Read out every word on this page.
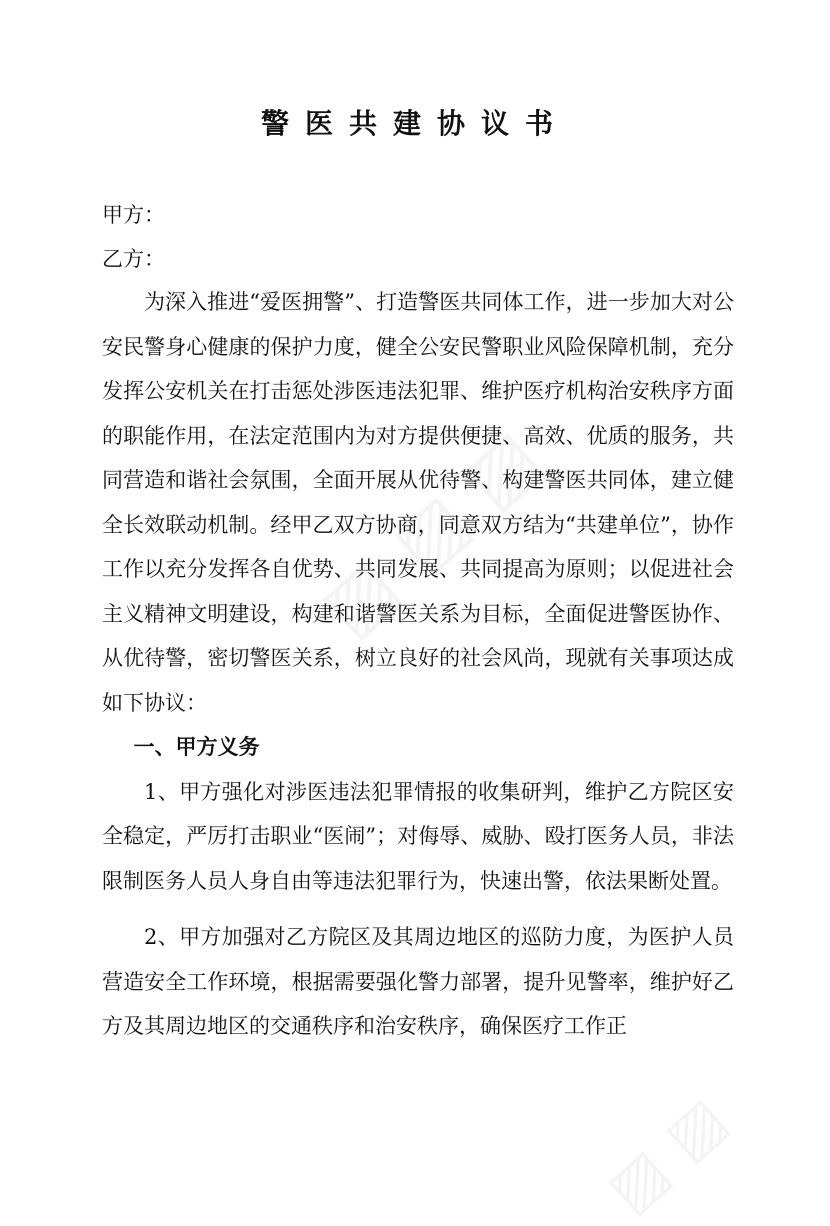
警医共建协议书
甲方：
乙方：

为深入推进“爱医拥警”、打造警医共同体工作，进一步加大对公安民警身心健康的保护力度，健全公安民警职业风险保障机制，充分发挥公安机关在打击惩处涉医违法犯罪、维护医疗机构治安秩序方面的职能作用，在法定范围内为对方提供便捷、高效、优质的服务，共同营造和谐社会氛围，全面开展从优待警、构建警医共同体，建立健全长效联动机制。经甲乙双方协商，同意双方结为“共建单位”，协作工作以充分发挥各自优势、共同发展、共同提高为原则；以促进社会主义精神文明建设，构建和谐警医关系为目标，全面促进警医协作、从优待警，密切警医关系，树立良好的社会风尚，现就有关事项达成如下协议：

一、甲方义务

1、甲方强化对涉医违法犯罪情报的收集研判，维护乙方院区安全稳定，严厉打击职业“医闹”；对侮辱、威胁、殴打医务人员，非法限制医务人员人身自由等违法犯罪行为，快速出警，依法果断处置。

2、甲方加强对乙方院区及其周边地区的巡防力度，为医护人员营造安全工作环境，根据需要强化警力部署，提升见警率，维护好乙方及其周边地区的交通秩序和治安秩序，确保医疗工作正
